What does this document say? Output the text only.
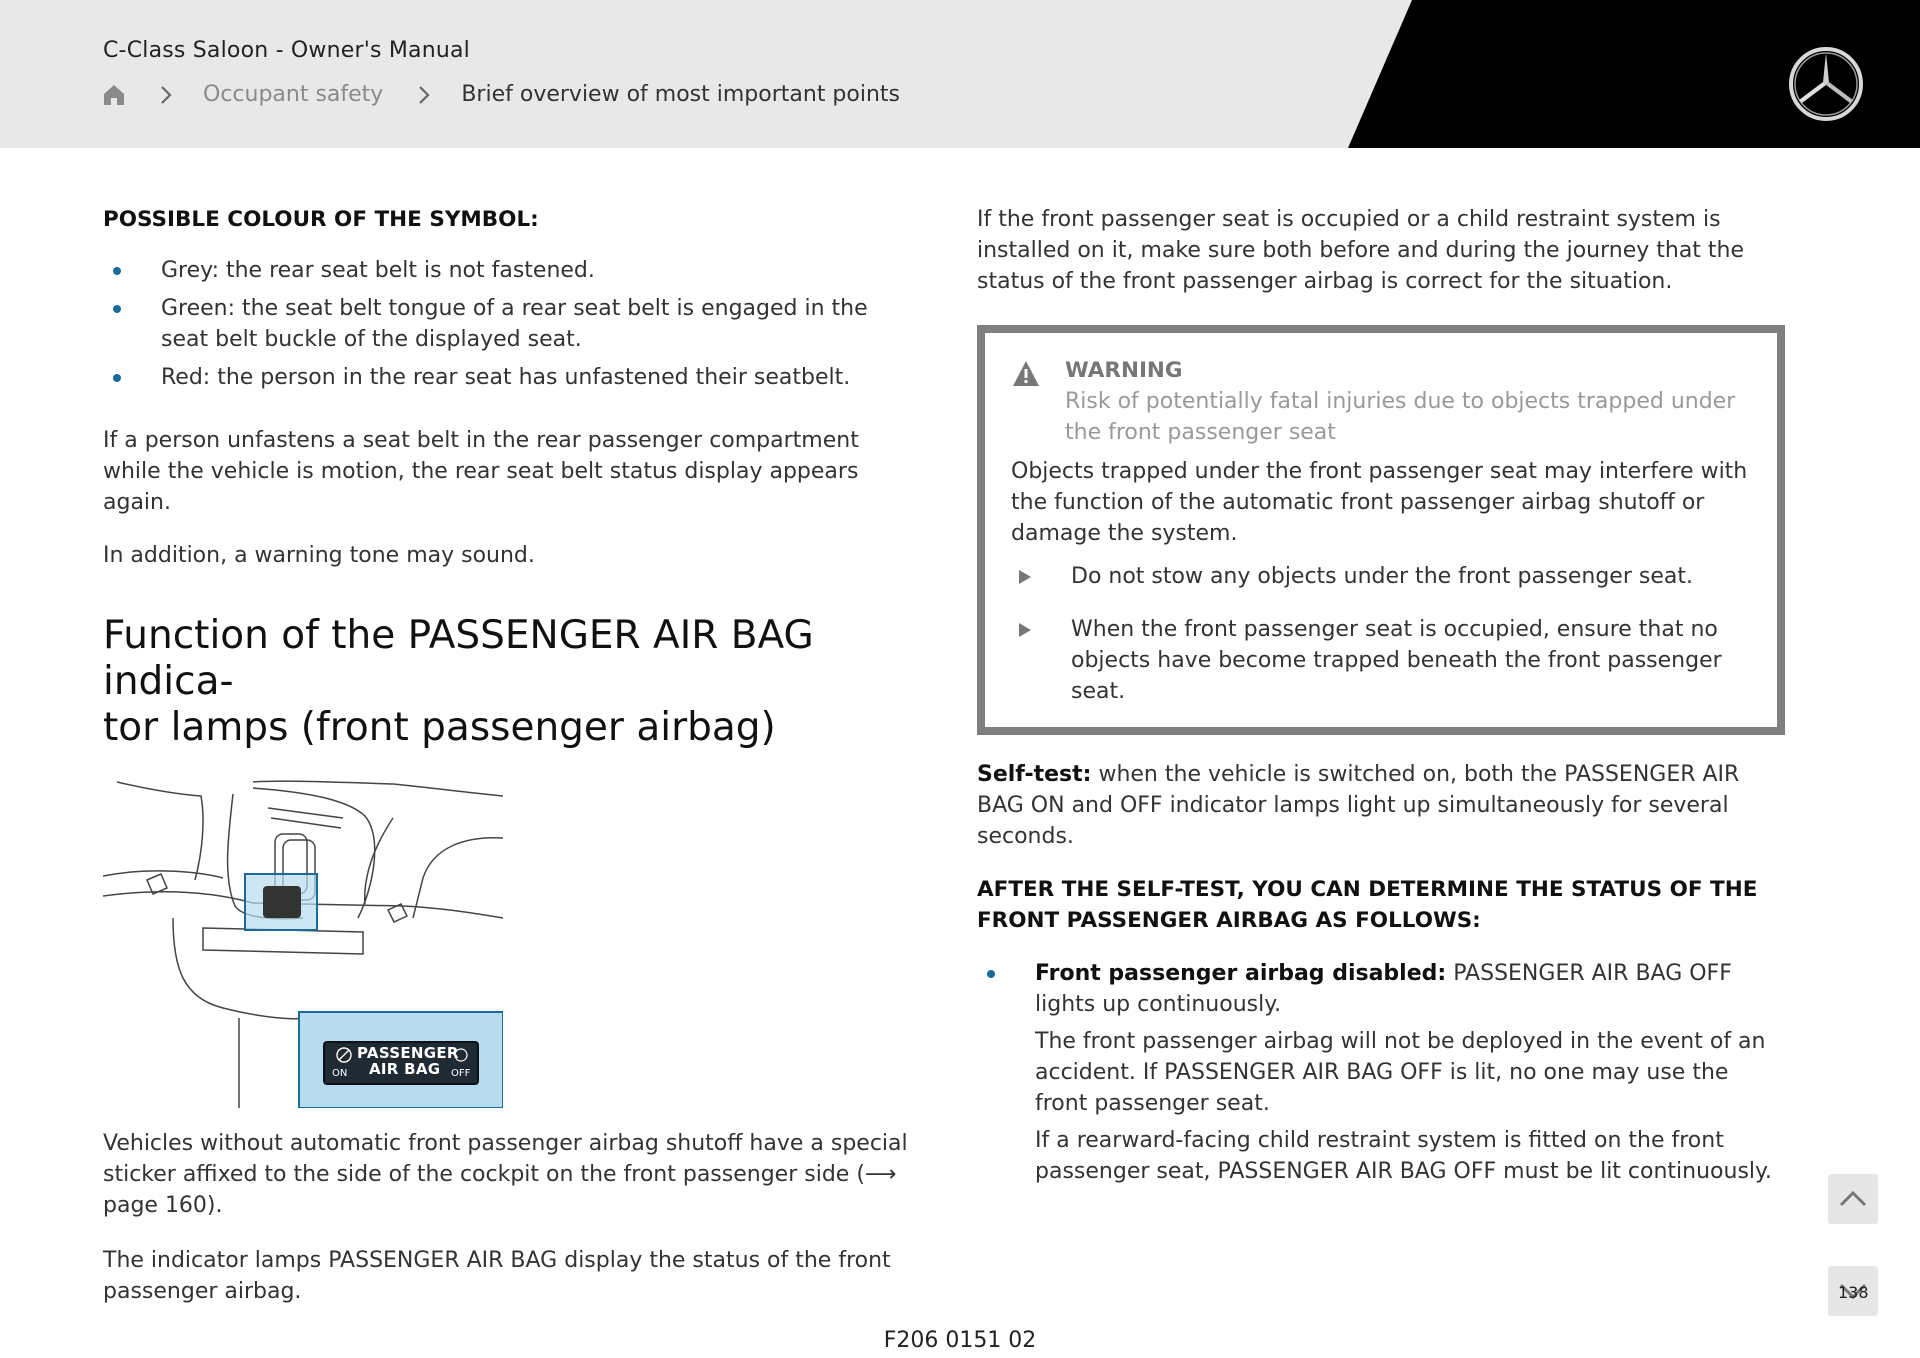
C-Class Saloon - Owner's Manual
Occupant safety	Brief overview of most important points
POSSIBLE COLOUR OF THE SYMBOL:
Grey: the rear seat belt is not fastened.
Green: the seat belt tongue of a rear seat belt is engaged in the seat belt buckle of the displayed seat.
Red: the person in the rear seat has unfastened their seatbelt.
If a person unfastens a seat belt in the rear passenger compartment while the vehicle is motion, the rear seat belt status display appears again.
In addition, a warning tone may sound.
Function of the PASSENGER AIR BAG indica-
tor lamps (front passenger airbag)
PASSENGER
AIR BAG
ON	OFF
Vehicles without automatic front passenger airbag shutoff have a special sticker affixed to the side of the cockpit on the front passenger side (⟶ page 160).
The indicator lamps PASSENGER AIR BAG display the status of the front passenger airbag.
If the front passenger seat is occupied or a child restraint system is installed on it, make sure both before and during the journey that the status of the front passenger airbag is correct for the situation.
WARNING
Risk of potentially fatal injuries due to objects trapped under the front passenger seat
Objects trapped under the front passenger seat may interfere with the function of the automatic front passenger airbag shutoff or damage the system.
Do not stow any objects under the front passenger seat.
When the front passenger seat is occupied, ensure that no objects have become trapped beneath the front passenger seat.
Self-test: when the vehicle is switched on, both the PASSENGER AIR BAG ON and OFF indicator lamps light up simultaneously for several seconds.
AFTER THE SELF-TEST, YOU CAN DETERMINE THE STATUS OF THE FRONT PASSENGER AIRBAG AS FOLLOWS:
Front passenger airbag disabled: PASSENGER AIR BAG OFF lights up continuously.
The front passenger airbag will not be deployed in the event of an accident. If PASSENGER AIR BAG OFF is lit, no one may use the front passenger seat.
If a rearward-facing child restraint system is fitted on the front passenger seat, PASSENGER AIR BAG OFF must be lit continuously.
138
F206 0151 02
